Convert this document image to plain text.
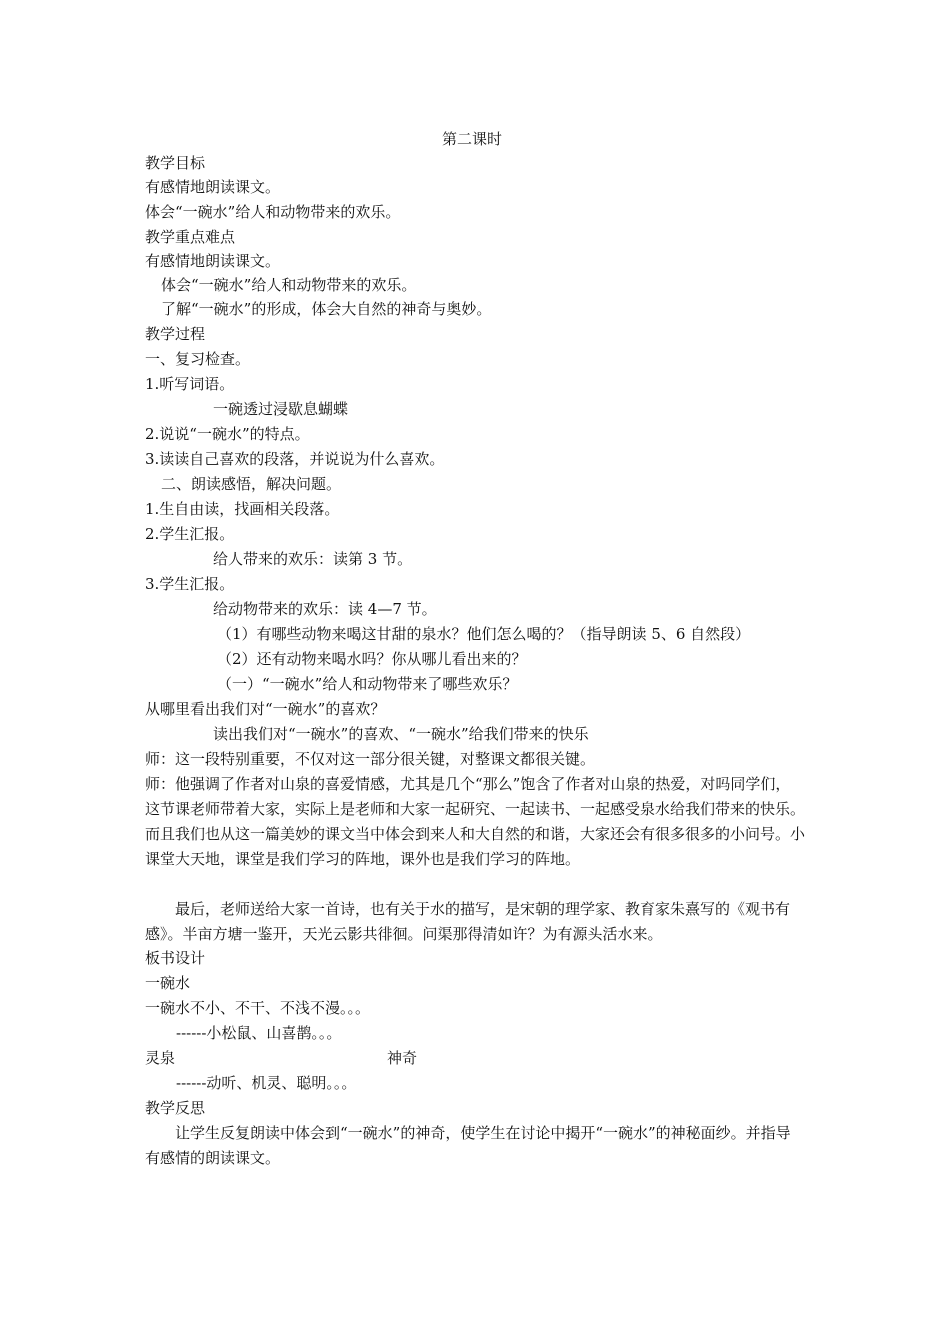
第二课时
教学目标
有感情地朗读课文。
体会“一碗水”给人和动物带来的欢乐。
教学重点难点
有感情地朗读课文。
体会“一碗水”给人和动物带来的欢乐。
了解“一碗水”的形成，体会大自然的神奇与奥妙。
教学过程
一、复习检查。
1.听写词语。
一碗透过浸歇息蝴蝶
2.说说“一碗水”的特点。
3.读读自己喜欢的段落，并说说为什么喜欢。
二、朗读感悟，解决问题。
1.生自由读，找画相关段落。
2.学生汇报。
给人带来的欢乐：读第 3 节。
3.学生汇报。
给动物带来的欢乐：读 4—7 节。
（1）有哪些动物来喝这甘甜的泉水？他们怎么喝的？（指导朗读 5、6 自然段）
（2）还有动物来喝水吗？你从哪儿看出来的？
（一）“一碗水”给人和动物带来了哪些欢乐？
从哪里看出我们对“一碗水”的喜欢？
读出我们对“一碗水”的喜欢、“一碗水”给我们带来的快乐
师：这一段特别重要，不仅对这一部分很关键，对整课文都很关键。
师：他强调了作者对山泉的喜爱情感，尤其是几个“那么”饱含了作者对山泉的热爱，对吗同学们，这节课老师带着大家，实际上是老师和大家一起研究、一起读书、一起感受泉水给我们带来的快乐。而且我们也从这一篇美妙的课文当中体会到来人和大自然的和谐，大家还会有很多很多的小问号。小课堂大天地，课堂是我们学习的阵地，课外也是我们学习的阵地。
最后，老师送给大家一首诗，也有关于水的描写，是宋朝的理学家、教育家朱熹写的《观书有感》。半亩方塘一鉴开，天光云影共徘徊。问渠那得清如许？为有源头活水来。
板书设计
一碗水
一碗水不小、不干、不浅不漫。。。
------小松鼠、山喜鹊。。。
灵泉	神奇
------动听、机灵、聪明。。。
教学反思
让学生反复朗读中体会到“一碗水”的神奇，使学生在讨论中揭开“一碗水”的神秘面纱。并指导有感情的朗读课文。
